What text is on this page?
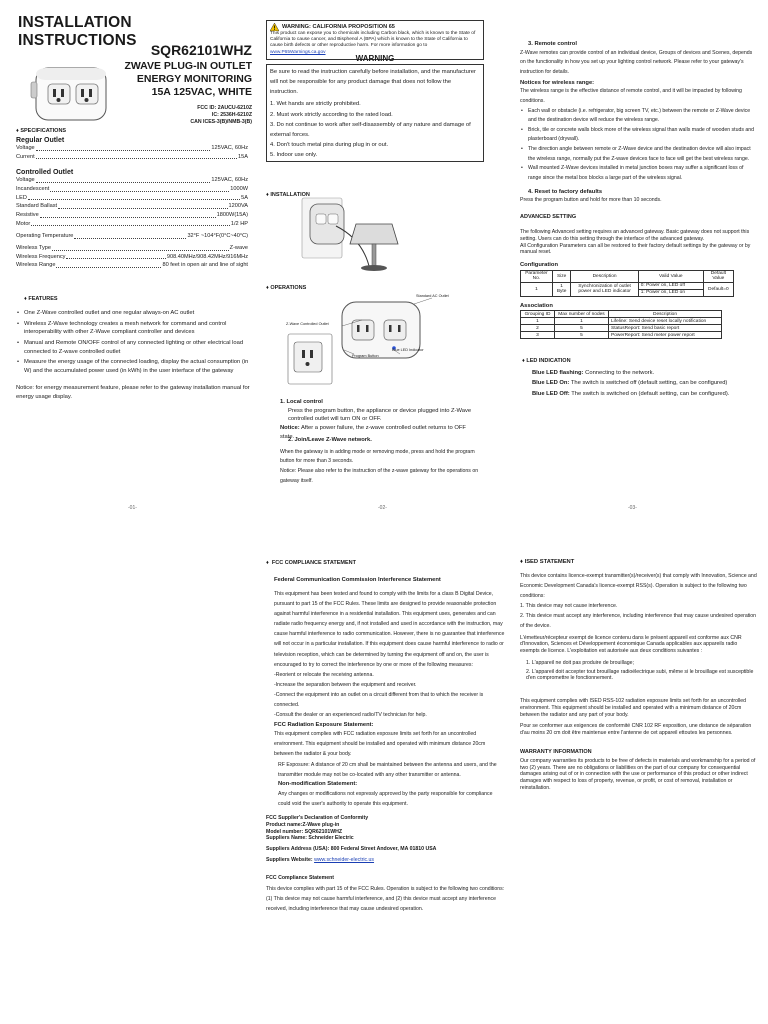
INSTALLATION INSTRUCTIONS
SQR62101WHZ
ZWAVE PLUG-IN OUTLET
ENERGY MONITORING
15A 125VAC, WHITE
FCC ID: 2AUCU-6210Z
IC: 2536H-6210Z
CAN ICES-3(B)/NMB-3(B)
♦ SPECIFICATIONS
Regular Outlet
Voltage	125VAC, 60Hz
Current	15A
Controlled Outlet
Voltage	125VAC, 60Hz
Incandescent	1000W
LED	5A
Standard Ballast	1200VA
Resistive	1800W(15A)
Motor	1/2 HP
Operating Temperature	32°F ~104°F(0°C~40°C)
Wireless Type	Z-wave
Wireless Frequency	908.40MHz/908.42MHz/916MHz
Wireless Range	80 feet in open air and line of sight
♦ FEATURES
• One Z-Wave controlled outlet and one regular always-on AC outlet
• Wireless Z-Wave technology creates a mesh network for command and control interoperability with other Z-Wave compliant controller and devices
• Manual and Remote ON/OFF control of any connected lighting or other electrical load connected to Z-wave controlled outlet
• Measure the energy usage of the connected loading, display the actual consumption (in W) and the accumulated power used (in kWh) in the user interface of the gateway
Notice: for energy measurement feature, please refer to the gateway installation manual for energy usage display.
-01-
WARNING: CALIFORNIA PROPOSITION 65
This product can expose you to chemicals including Carbon black, which is known to the State of California to cause cancer, and Bisphenol A (BPA) which is known to the State of California to cause birth defects or other reproductive harm. For more information go to
www.P65Warnings.ca.gov
WARNING
Be sure to read the instruction carefully before installation, and the manufacturer will not be responsible for any product damage that does not follow the instruction.
1. Wet hands are strictly prohibited.
2. Must work strictly according to the rated load.
3. Do not continue to work after self-disassembly of any nature and damage of external forces.
4. Don't touch metal pins during plug in or out.
5. Indoor use only.
♦ INSTALLATION
♦ OPERATIONS
Standard AC Outlet
Z-Wave Controlled Outlet
Program Button
Blue LED Indicator
1. Local control
Press the program button, the appliance or device plugged into Z-Wave controlled outlet will turn ON or OFF.
Notice: After a power failure, the z-wave controlled outlet returns to OFF state.
2. Join/Leave Z-Wave network.
When the gateway is in adding mode or removing mode, press and hold the program button for more than 3 seconds.
Notice: Please also refer to the instruction of the z-wave gateway for the operations on gateway itself.
-02-
3. Remote control
Z-Wave remotes can provide control of an individual device, Groups of devices and Scenes, depends on the functionality in how you set up your lighting control network. Please refer to your gateway's instruction for details.
Notices for wireless range:
The wireless range is the effective distance of remote control, and it will be impacted by following conditions.
• Each wall or obstacle (i.e. refrigerator, big screen TV, etc.) between the remote or Z-Wave device and the destination device will reduce the wireless range.
• Brick, tile or concrete walls block more of the wireless signal than walls made of wooden studs and plasterboard (drywall).
• The direction angle between remote or Z-Wave device and the destination device will also impact the wireless range, normally put the Z-wave devices face to face will get the best wireless range.
• Wall mounted Z-Wave devices installed in metal junction boxes may suffer a significant loss of range since the metal box blocks a large part of the wireless signal.
4. Reset to factory defaults
Press the program button and hold for more than 10 seconds.
ADVANCED SETTING
The following Advanced setting requires an advanced gateway. Basic gateway does not support this setting. Users can do this setting through the interface of the advanced gateway.
All Configuration Parameters can all be restored to their factory default settings by the gateway or by manual reset.
Configuration
Parameter No.	Size	Description	Valid Value	Default Value
1	1 Byte	Synchronization of outlet power and LED indicator	0: Power on, LED off	Default=0
			1: Power on, LED on	
Association
Grouping ID	Max number of nodes	Description
1	1	Lifeline: Send device reset locally notification
2	5	StatusReport: Send basic report
3	5	PowerReport: Send meter power report
♦ LED INDICATION
Blue LED flashing: Connecting to the network.
Blue LED On: The switch is switched off (default setting, can be configured)
Blue LED Off: The switch is switched on (default setting, can be configured).
-03-
♦  FCC COMPLIANCE STATEMENT
Federal Communication Commission Interference Statement
This equipment has been tested and found to comply with the limits for a class B Digital Device, pursuant to part 15 of the FCC Rules. These limits are designed to provide reasonable protection against harmful interference in a residential installation. This equipment uses, generates and can radiate radio frequency energy and, if not installed and used in accordance with the instruction, may cause harmful interference to radio communication. However, there is no guarantee that interference will not occur in a particular installation. If this equipment does cause harmful interference to radio or television reception, which can be determined by turning the equipment off and on, the user is encouraged to try to correct the interference by one or more of the following measures:
-Reorient or relocate the receiving antenna.
-Increase the separation between the equipment and receiver.
-Connect the equipment into an outlet on a circuit different from that to which the receiver is connected.
-Consult the dealer or an experienced radio/TV technician for help.
FCC Radiation Exposure Statement:
This equipment complies with FCC radiation exposure limits set forth for an uncontrolled environment. This equipment should be installed and operated with minimum distance 20cm between the radiator & your body.
RF Exposure: A distance of 20 cm shall be maintained between the antenna and users, and the transmitter module may not be co-located with any other transmitter or antenna.
Non-modification Statement:
Any changes or modifications not expressly approved by the party responsible for compliance could void the user's authority to operate this equipment.
FCC Supplier's Declaration of Conformity
Product name:Z-Wave plug-in
Model number: SQR62101WHZ
Suppliers Name: Schneider Electric
Suppliers Address (USA): 800 Federal Street Andover, MA 01810 USA
Suppliers Website: www.schneider-electric.us
FCC Compliance Statement
This device complies with part 15 of the FCC Rules. Operation is subject to the following two conditions: (1) This device may not cause harmful interference, and (2) this device must accept any interference received, including interference that may cause undesired operation.
♦ ISED STATEMENT
This device contains licence-exempt transmitter(s)/receiver(s) that comply with Innovation, Science and Economic Development Canada's licence-exempt RSS(s). Operation is subject to the following two conditions:
1. This device may not cause interference.
2. This device must accept any interference, including interference that may cause undesired operation of the device.
L'émetteur/récepteur exempt de licence contenu dans le présent appareil est conforme aux CNR d'Innovation, Sciences et Développement économique Canada applicables aux appareils radio exempts de licence. L'exploitation est autorisée aux deux conditions suivantes :
1. L'appareil ne doit pas produire de brouillage;
2. L'appareil doit accepter tout brouillage radioélectrique subi, même si le brouillage est susceptible d'en compromettre le fonctionnement.
This equipment complies with ISED RSS-102 radiation exposure limits set forth for an uncontrolled environment. This equipment should be installed and operated with a minimum distance of 20cm between the radiator and any part of your body.
Pour se conformer aux exigences de conformité CNR 102 RF exposition, une distance de séparation d'au moins 20 cm doit être maintenue entre l'antenne de cet appareil ettoutes les personnes.
WARRANTY INFORMATION
Our company warranties its products to be free of defects in materials and workmanship for a period of two (2) years. There are no obligations or liabilities on the part of our company for consequential damages arising out of or in connection with the use or performance of this product or other indirect damages with respect to loss of property, revenue, or profit, or cost of removal, installation or reinstallation.
